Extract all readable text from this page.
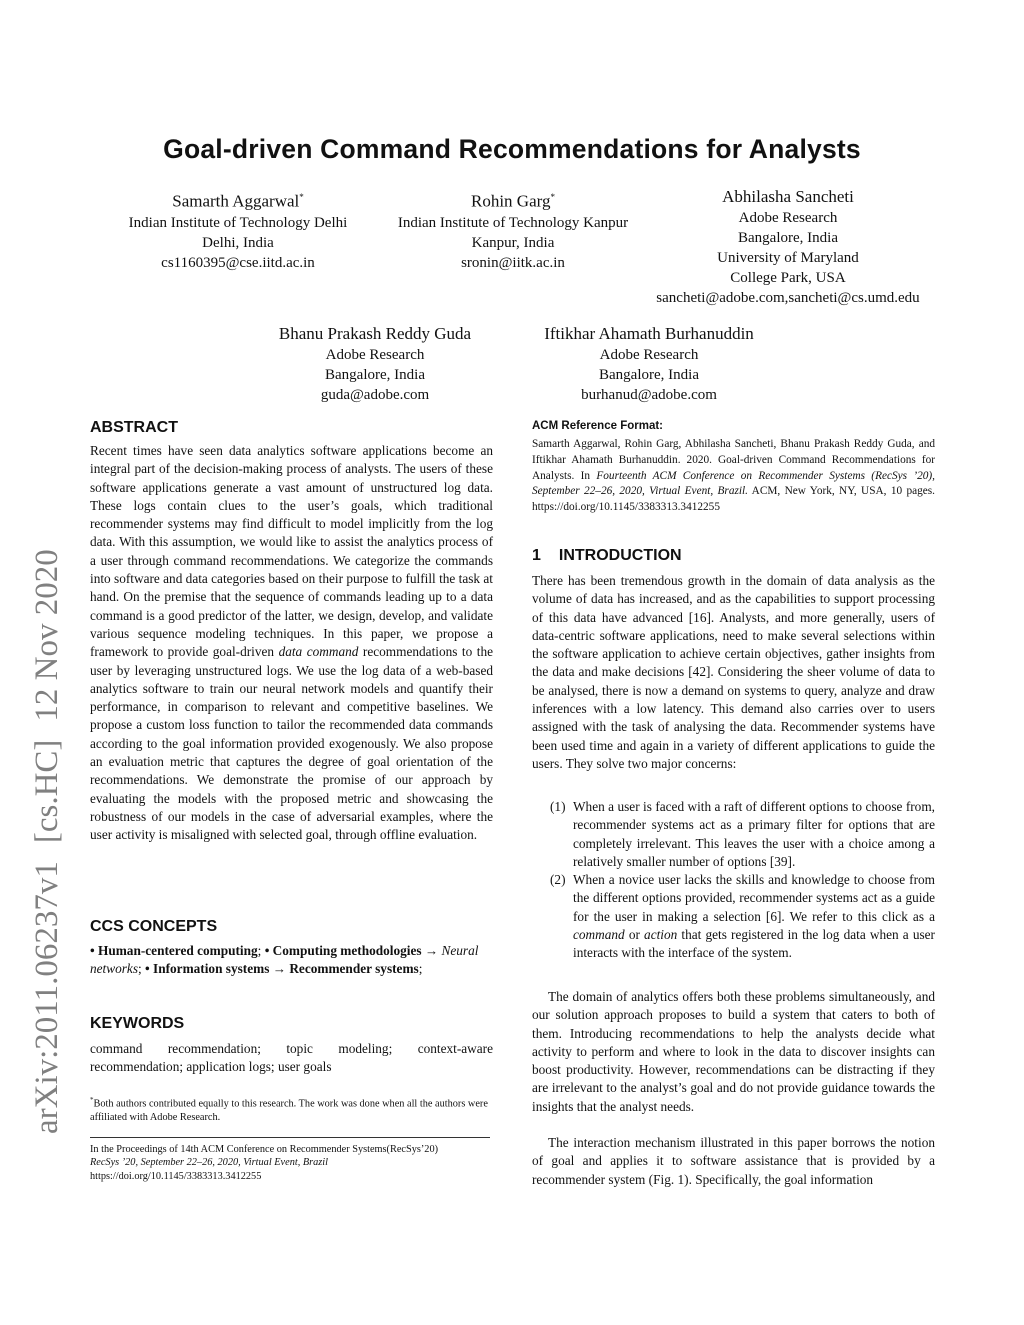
Goal-driven Command Recommendations for Analysts
Samarth Aggarwal*
Indian Institute of Technology Delhi
Delhi, India
cs1160395@cse.iitd.ac.in
Rohin Garg*
Indian Institute of Technology Kanpur
Kanpur, India
sronin@iitk.ac.in
Abhilasha Sancheti
Adobe Research
Bangalore, India
University of Maryland
College Park, USA
sancheti@adobe.com,sancheti@cs.umd.edu
Bhanu Prakash Reddy Guda
Adobe Research
Bangalore, India
guda@adobe.com
Iftikhar Ahamath Burhanuddin
Adobe Research
Bangalore, India
burhanud@adobe.com
arXiv:2011.06237v1[cs.HC]12 Nov 2020
ABSTRACT
Recent times have seen data analytics software applications become an integral part of the decision-making process of analysts. The users of these software applications generate a vast amount of unstructured log data. These logs contain clues to the user’s goals, which traditional recommender systems may find difficult to model implicitly from the log data. With this assumption, we would like to assist the analytics process of a user through command recommendations. We categorize the commands into software and data categories based on their purpose to fulfill the task at hand. On the premise that the sequence of commands leading up to a data command is a good predictor of the latter, we design, develop, and validate various sequence modeling techniques. In this paper, we propose a framework to provide goal-driven data command recommendations to the user by leveraging unstructured logs. We use the log data of a web-based analytics software to train our neural network models and quantify their performance, in comparison to relevant and competitive baselines. We propose a custom loss function to tailor the recommended data commands according to the goal information provided exogenously. We also propose an evaluation metric that captures the degree of goal orientation of the recommendations. We demonstrate the promise of our approach by evaluating the models with the proposed metric and showcasing the robustness of our models in the case of adversarial examples, where the user activity is misaligned with selected goal, through offline evaluation.
CCS CONCEPTS
• Human-centered computing; • Computing methodologies → Neural networks; • Information systems → Recommender systems;
KEYWORDS
command recommendation; topic modeling; context-aware recommendation; application logs; user goals
*Both authors contributed equally to this research. The work was done when all the authors were affiliated with Adobe Research.
In the Proceedings of 14th ACM Conference on Recommender Systems(RecSys’20)
RecSys ’20, September 22–26, 2020, Virtual Event, Brazil
https://doi.org/10.1145/3383313.3412255
ACM Reference Format:
Samarth Aggarwal, Rohin Garg, Abhilasha Sancheti, Bhanu Prakash Reddy Guda, and Iftikhar Ahamath Burhanuddin. 2020. Goal-driven Command Recommendations for Analysts. In Fourteenth ACM Conference on Recommender Systems (RecSys ’20), September 22–26, 2020, Virtual Event, Brazil. ACM, New York, NY, USA, 10 pages. https://doi.org/10.1145/3383313.3412255
1 INTRODUCTION
There has been tremendous growth in the domain of data analysis as the volume of data has increased, and as the capabilities to support processing of this data have advanced [16]. Analysts, and more generally, users of data-centric software applications, need to make several selections within the software application to achieve certain objectives, gather insights from the data and make decisions [42]. Considering the sheer volume of data to be analysed, there is now a demand on systems to query, analyze and draw inferences with a low latency. This demand also carries over to users assigned with the task of analysing the data. Recommender systems have been used time and again in a variety of different applications to guide the users. They solve two major concerns:
(1) When a user is faced with a raft of different options to choose from, recommender systems act as a primary filter for options that are completely irrelevant. This leaves the user with a choice among a relatively smaller number of options [39].
(2) When a novice user lacks the skills and knowledge to choose from the different options provided, recommender systems act as a guide for the user in making a selection [6]. We refer to this click as a command or action that gets registered in the log data when a user interacts with the interface of the system.
The domain of analytics offers both these problems simultaneously, and our solution approach proposes to build a system that caters to both of them. Introducing recommendations to help the analysts decide what activity to perform and where to look in the data to discover insights can boost productivity. However, recommendations can be distracting if they are irrelevant to the analyst’s goal and do not provide guidance towards the insights that the analyst needs.
The interaction mechanism illustrated in this paper borrows the notion of goal and applies it to software assistance that is provided by a recommender system (Fig. 1). Specifically, the goal information
